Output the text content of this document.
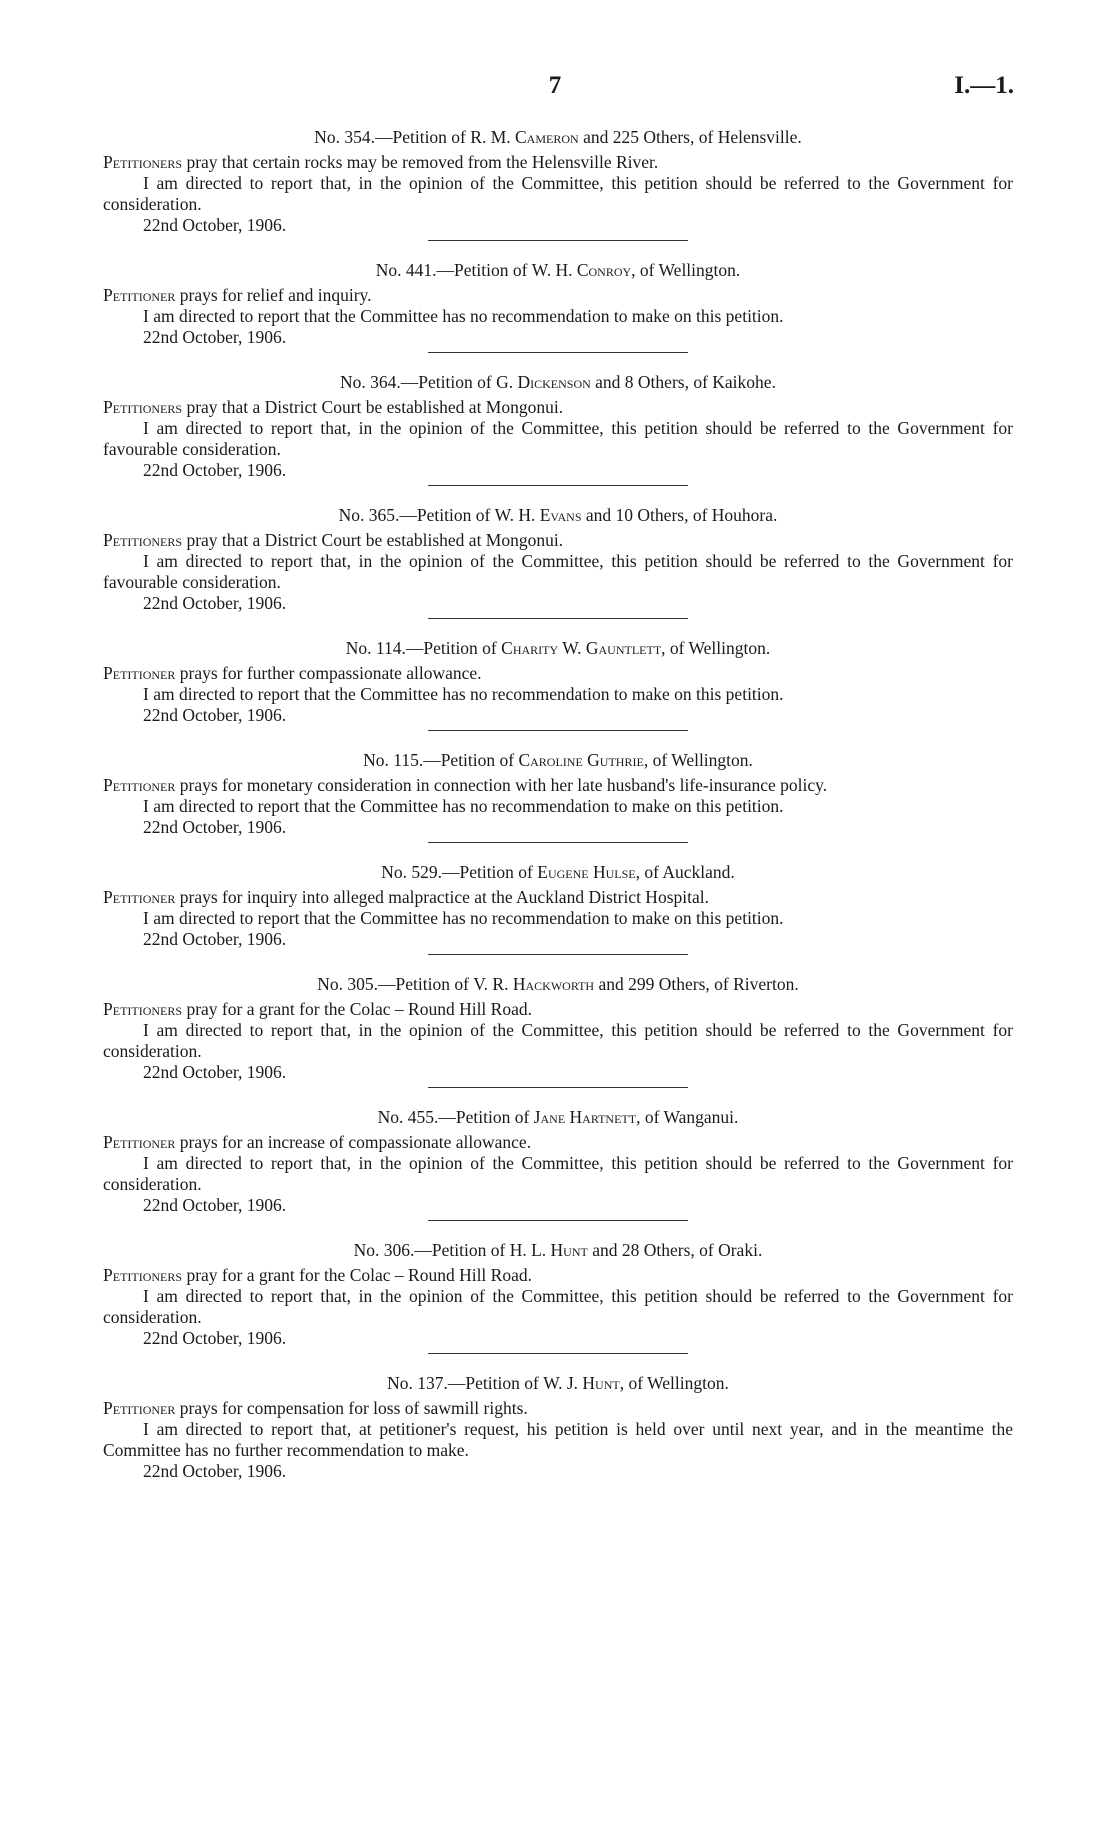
7	I.—1.
No. 354.—Petition of R. M. Cameron and 225 Others, of Helensville.
Petitioners pray that certain rocks may be removed from the Helensville River.
I am directed to report that, in the opinion of the Committee, this petition should be referred to the Government for consideration.
22nd October, 1906.
No. 441.—Petition of W. H. Conroy, of Wellington.
Petitioner prays for relief and inquiry.
I am directed to report that the Committee has no recommendation to make on this petition.
22nd October, 1906.
No. 364.—Petition of G. Dickenson and 8 Others, of Kaikohe.
Petitioners pray that a District Court be established at Mongonui.
I am directed to report that, in the opinion of the Committee, this petition should be referred to the Government for favourable consideration.
22nd October, 1906.
No. 365.—Petition of W. H. Evans and 10 Others, of Houhora.
Petitioners pray that a District Court be established at Mongonui.
I am directed to report that, in the opinion of the Committee, this petition should be referred to the Government for favourable consideration.
22nd October, 1906.
No. 114.—Petition of Charity W. Gauntlett, of Wellington.
Petitioner prays for further compassionate allowance.
I am directed to report that the Committee has no recommendation to make on this petition.
22nd October, 1906.
No. 115.—Petition of Caroline Guthrie, of Wellington.
Petitioner prays for monetary consideration in connection with her late husband's life-insurance policy.
I am directed to report that the Committee has no recommendation to make on this petition.
22nd October, 1906.
No. 529.—Petition of Eugene Hulse, of Auckland.
Petitioner prays for inquiry into alleged malpractice at the Auckland District Hospital.
I am directed to report that the Committee has no recommendation to make on this petition.
22nd October, 1906.
No. 305.—Petition of V. R. Hackworth and 299 Others, of Riverton.
Petitioners pray for a grant for the Colac – Round Hill Road.
I am directed to report that, in the opinion of the Committee, this petition should be referred to the Government for consideration.
22nd October, 1906.
No. 455.—Petition of Jane Hartnett, of Wanganui.
Petitioner prays for an increase of compassionate allowance.
I am directed to report that, in the opinion of the Committee, this petition should be referred to the Government for consideration.
22nd October, 1906.
No. 306.—Petition of H. L. Hunt and 28 Others, of Oraki.
Petitioners pray for a grant for the Colac – Round Hill Road.
I am directed to report that, in the opinion of the Committee, this petition should be referred to the Government for consideration.
22nd October, 1906.
No. 137.—Petition of W. J. Hunt, of Wellington.
Petitioner prays for compensation for loss of sawmill rights.
I am directed to report that, at petitioner's request, his petition is held over until next year, and in the meantime the Committee has no further recommendation to make.
22nd October, 1906.
